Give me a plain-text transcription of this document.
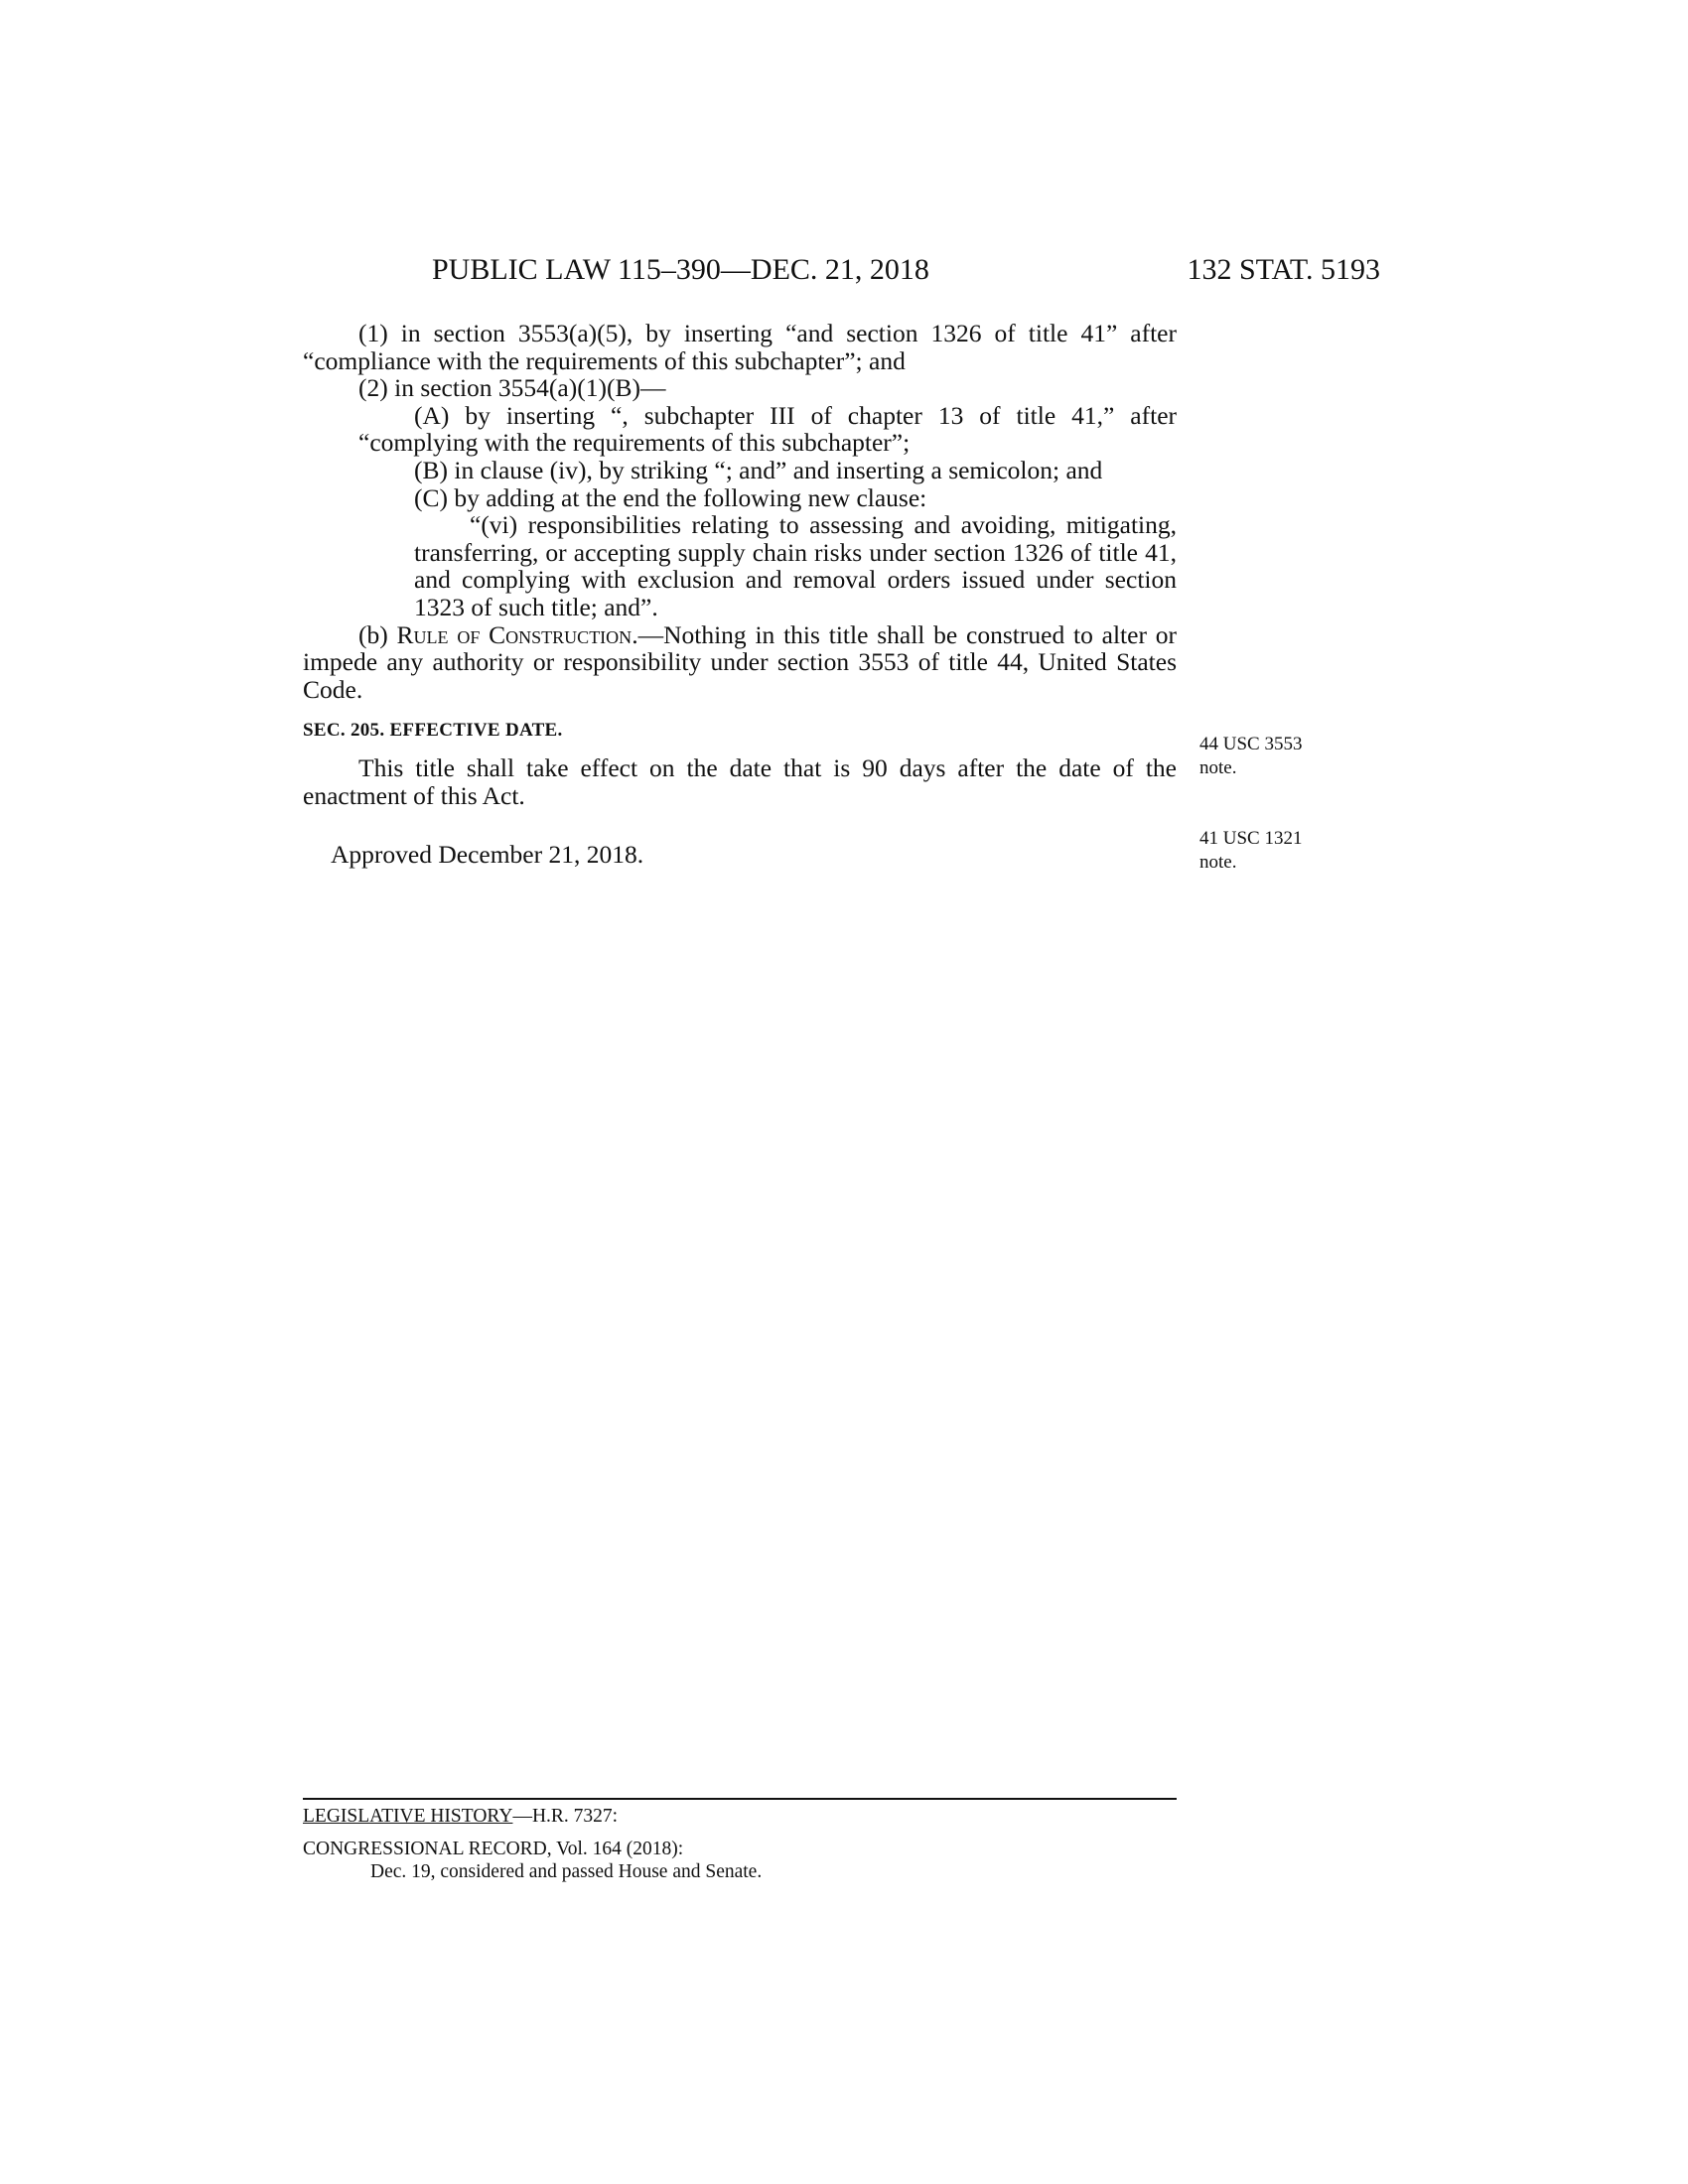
PUBLIC LAW 115–390—DEC. 21, 2018	132 STAT. 5193

(1) in section 3553(a)(5), by inserting “and section 1326 of title 41” after “compliance with the requirements of this subchapter”; and

(2) in section 3554(a)(1)(B)—

(A) by inserting “, subchapter III of chapter 13 of title 41,” after “complying with the requirements of this subchapter”;

(B) in clause (iv), by striking “; and” and inserting a semicolon; and

(C) by adding at the end the following new clause:

“(vi) responsibilities relating to assessing and avoiding, mitigating, transferring, or accepting supply chain risks under section 1326 of title 41, and complying with exclusion and removal orders issued under section 1323 of such title; and”.

(b) Rule of Construction.—Nothing in this title shall be construed to alter or impede any authority or responsibility under section 3553 of title 44, United States Code.

SEC. 205. EFFECTIVE DATE.

This title shall take effect on the date that is 90 days after the date of the enactment of this Act.

Approved December 21, 2018.

44 USC 3553
note.
41 USC 1321
note.
LEGISLATIVE HISTORY—H.R. 7327:
CONGRESSIONAL RECORD, Vol. 164 (2018):
Dec. 19, considered and passed House and Senate.
